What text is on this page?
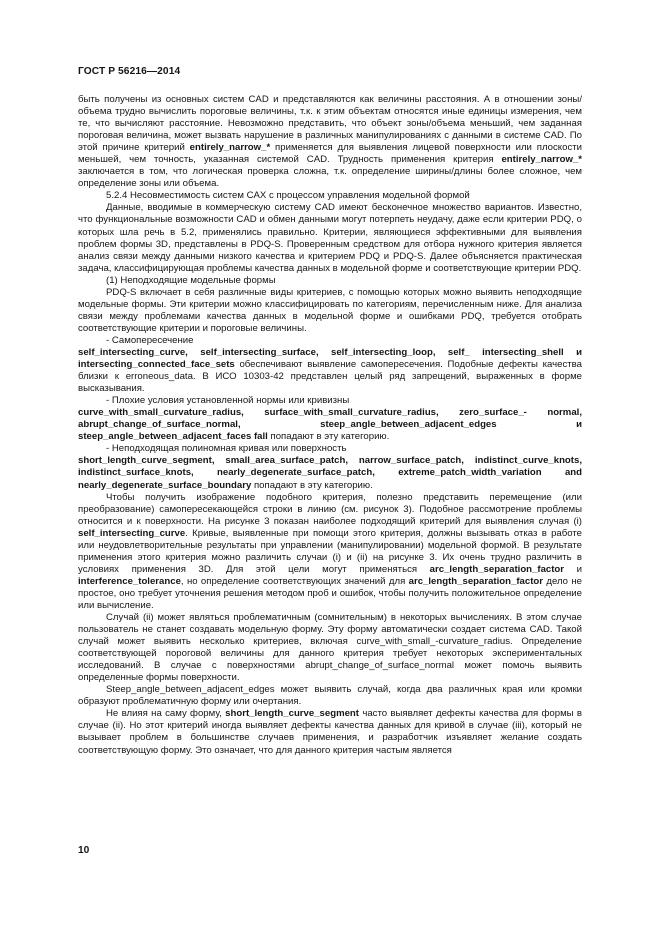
ГОСТ Р 56216—2014

быть получены из основных систем CAD и представляются как величины расстояния. А в отношении зоны/объема трудно вычислить пороговые величины, т.к. к этим объектам относятся иные единицы измерения, чем те, что вычисляют расстояние. Невозможно представить, что объект зоны/объема меньший, чем заданная пороговая величина, может вызвать нарушение в различных манипулированиях с данными в системе CAD. По этой причине критерий entirely_narrow_* применяется для выявления лицевой поверхности или плоскости меньшей, чем точность, указанная системой CAD. Трудность применения критерия entirely_narrow_* заключается в том, что логическая проверка сложна, т.к. определение ширины/длины более сложное, чем определение зоны или объема.

5.2.4 Несовместимость систем CAX с процессом управления модельной формой

Данные, вводимые в коммерческую систему CAD имеют бесконечное множество вариантов. Известно, что функциональные возможности CAD и обмен данными могут потерпеть неудачу, даже если критерии PDQ, о которых шла речь в 5.2, применялись правильно. Критерии, являющиеся эффективными для выявления проблем формы 3D, представлены в PDQ-S. Проверенным средством для отбора нужного критерия является анализ связи между данными низкого качества и критерием PDQ и PDQ-S. Далее объясняется практическая задача, классифицирующая проблемы качества данных в модельной форме и соответствующие критерии PDQ.

(1) Неподходящие модельные формы

PDQ-S включает в себя различные виды критериев, с помощью которых можно выявить неподходящие модельные формы. Эти критерии можно классифицировать по категориям, перечисленным ниже. Для анализа связи между проблемами качества данных в модельной форме и ошибками PDQ, требуется отобрать соответствующие критерии и пороговые величины.

- Самопересечение

self_intersecting_curve, self_intersecting_surface, self_intersecting_loop, self_ intersecting_shell и intersecting_connected_face_sets обеспечивают выявление самопересечения. Подобные дефекты качества близки к erroneous_data. В ИСО 10303-42 представлен целый ряд запрещений, выраженных в форме высказывания.

- Плохие условия установленной нормы или кривизны

curve_with_small_curvature_radius, surface_with_small_curvature_radius, zero_surface_- normal, abrupt_change_of_surface_normal, steep_angle_between_adjacent_edges и steep_angle_between_adjacent_faces fall попадают в эту категорию.

- Неподходящая полиномная кривая или поверхность

short_length_curve_segment, small_area_surface_patch, narrow_surface_patch, indistinct_curve_knots, indistinct_surface_knots, nearly_degenerate_surface_patch, extreme_patch_width_variation and nearly_degenerate_surface_boundary попадают в эту категорию.

Чтобы получить изображение подобного критерия, полезно представить перемещение (или преобразование) самопересекающейся строки в линию (см. рисунок 3). Подобное рассмотрение проблемы относится и к поверхности. На рисунке 3 показан наиболее подходящий критерий для выявления случая (i) self_intersecting_curve. Кривые, выявленные при помощи этого критерия, должны вызывать отказ в работе или неудовлетворительные результаты при управлении (манипулировании) модельной формой. В результате применения этого критерия можно различить случаи (i) и (ii) на рисунке 3. Их очень трудно различить в условиях применения 3D. Для этой цели могут применяться arc_length_separation_factor и interference_tolerance, но определение соответствующих значений для arc_length_separation_factor дело не простое, оно требует уточнения решения методом проб и ошибок, чтобы получить положительное определение или вычисление.

Случай (ii) может являться проблематичным (сомнительным) в некоторых вычислениях. В этом случае пользователь не станет создавать модельную форму. Эту форму автоматически создает система CAD. Такой случай может выявить несколько критериев, включая curve_with_small_-curvature_radius. Определение соответствующей пороговой величины для данного критерия требует некоторых экспериментальных исследований. В случае с поверхностями abrupt_change_of_surface_normal может помочь выявить определенные формы поверхности.

Steep_angle_between_adjacent_edges может выявить случай, когда два различных края или кромки образуют проблематичную форму или очертания.

Не влияя на саму форму, short_length_curve_segment часто выявляет дефекты качества для формы в случае (ii). Но этот критерий иногда выявляет дефекты качества данных для кривой в случае (iii), который не вызывает проблем в большинстве случаев применения, и разработчик изъявляет желание создать соответствующую форму. Это означает, что для данного критерия частым является

10
